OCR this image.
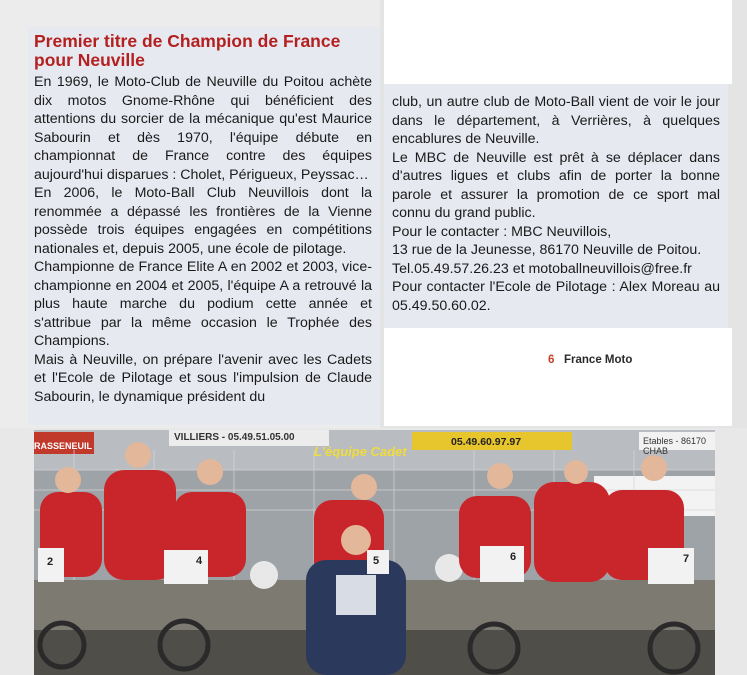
Premier titre de Champion de France pour Neuville

En 1969, le Moto-Club de Neuville du Poitou achète dix motos Gnome-Rhône qui bénéficient des attentions du sorcier de la mécanique qu'est Maurice Sabourin et dès 1970, l'équipe débute en championnat de France contre des équipes aujourd'hui disparues : Cholet, Périgueux, Peyssac…

En 2006, le Moto-Ball Club Neuvillois dont la renommée a dépassé les frontières de la Vienne possède trois équipes engagées en compétitions nationales et, depuis 2005, une école de pilotage.

Championne de France Elite A en 2002 et 2003, vice-championne en 2004 et 2005, l'équipe A a retrouvé la plus haute marche du podium cette année et s'attribue par la même occasion le Trophée des Champions.

Mais à Neuville, on prépare l'avenir avec les Cadets et l'Ecole de Pilotage et sous l'impulsion de Claude Sabourin, le dynamique président du

club, un autre club de Moto-Ball vient de voir le jour dans le département, à Verrières, à quelques encablures de Neuville.

Le MBC de Neuville est prêt à se déplacer dans d'autres ligues et clubs afin de porter la bonne parole et assurer la promotion de ce sport mal connu du grand public.

Pour le contacter : MBC Neuvillois,

13 rue de la Jeunesse, 86170 Neuville de Poitou.

Tel.05.49.57.26.23 et motoballneuvillois@free.fr

Pour contacter l'Ecole de Pilotage : Alex Moreau au 05.49.50.60.02.

6 France Moto
RASSENEUIL
VILLIERS - 05.49.51.05.00	05.49.60.97.97	Etables - 86170 CHAB
L'équipe Cadet
2	4	5	6	7
